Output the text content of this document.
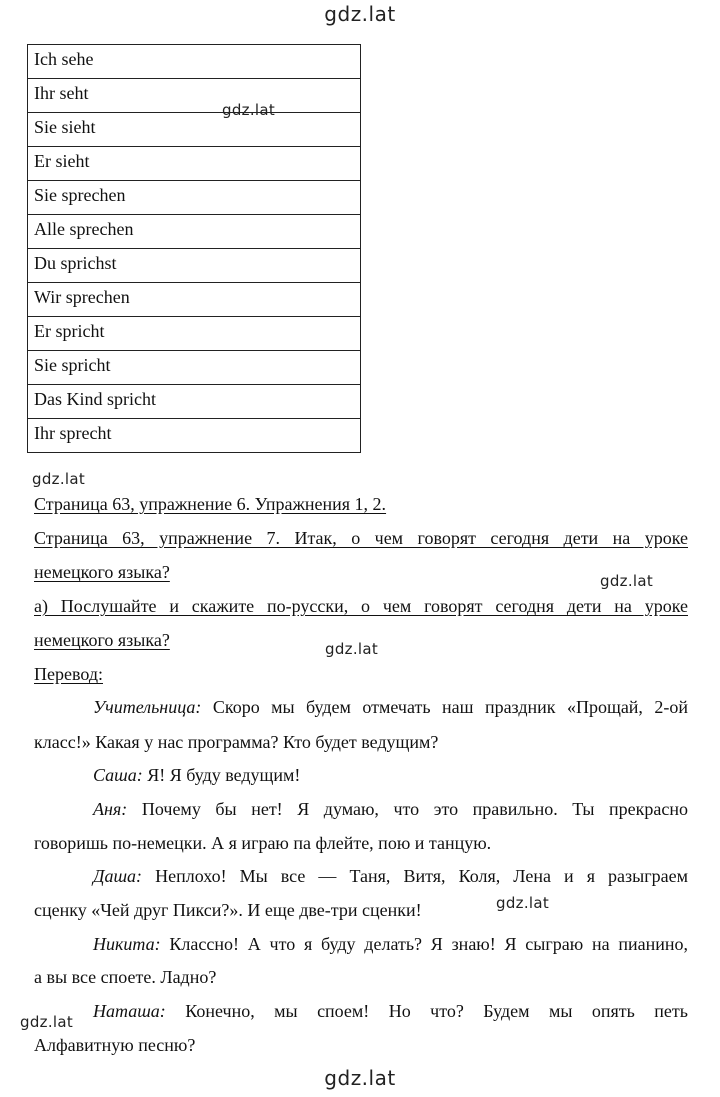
gdz.lat
gdz.lat
gdz.lat
gdz.lat
gdz.lat
gdz.lat
gdz.lat
gdz.lat
Ich sehe
Ihr seht
Sie sieht
Er sieht
Sie sprechen
Alle sprechen
Du sprichst
Wir sprechen
Er spricht
Sie spricht
Das Kind spricht
Ihr sprecht
Страница 63, упражнение 6. Упражнения 1, 2.
Страница 63, упражнение 7. Итак, о чем говорят сегодня дети на уроке
немецкого языка?
а) Послушайте и скажите по-русски, о чем говорят сегодня дети на уроке
немецкого языка?
Перевод:
Учительница: Скоро мы будем отмечать наш праздник «Прощай, 2-ой
класс!» Какая у нас программа? Кто будет ведущим?
Саша: Я! Я буду ведущим!
Аня: Почему бы нет! Я думаю, что это правильно. Ты прекрасно
говоришь по-немецки. А я играю па флейте, пою и танцую.
Даша: Неплохо! Мы все — Таня, Витя, Коля, Лена и я разыграем
сценку «Чей друг Пикси?». И еще две-три сценки!
Никита: Классно! А что я буду делать? Я знаю! Я сыграю на пианино,
а вы все споете. Ладно?
Наташа: Конечно, мы споем! Но что? Будем мы опять петь
Алфавитную песню?
